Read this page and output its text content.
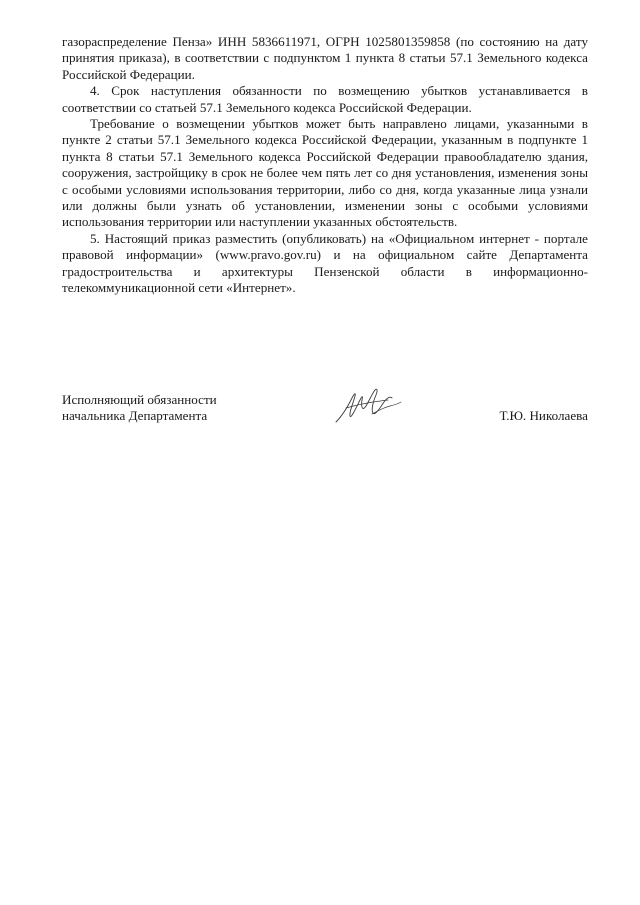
газораспределение Пенза» ИНН 5836611971, ОГРН 1025801359858 (по состоянию на дату принятия приказа), в соответствии с подпунктом 1 пункта 8 статьи 57.1 Земельного кодекса Российской Федерации.

4. Срок наступления обязанности по возмещению убытков устанавливается в соответствии со статьей 57.1 Земельного кодекса Российской Федерации.

Требование о возмещении убытков может быть направлено лицами, указанными в пункте 2 статьи 57.1 Земельного кодекса Российской Федерации, указанным в подпункте 1 пункта 8 статьи 57.1 Земельного кодекса Российской Федерации правообладателю здания, сооружения, застройщику в срок не более чем пять лет со дня установления, изменения зоны с особыми условиями использования территории, либо со дня, когда указанные лица узнали или должны были узнать об установлении, изменении зоны с особыми условиями использования территории или наступлении указанных обстоятельств.

5. Настоящий приказ разместить (опубликовать) на «Официальном интернет - портале правовой информации» (www.pravo.gov.ru) и на официальном сайте Департамента градостроительства и архитектуры Пензенской области в информационно-телекоммуникационной сети «Интернет».

Исполняющий обязанности
начальника Департамента	Т.Ю. Николаева
